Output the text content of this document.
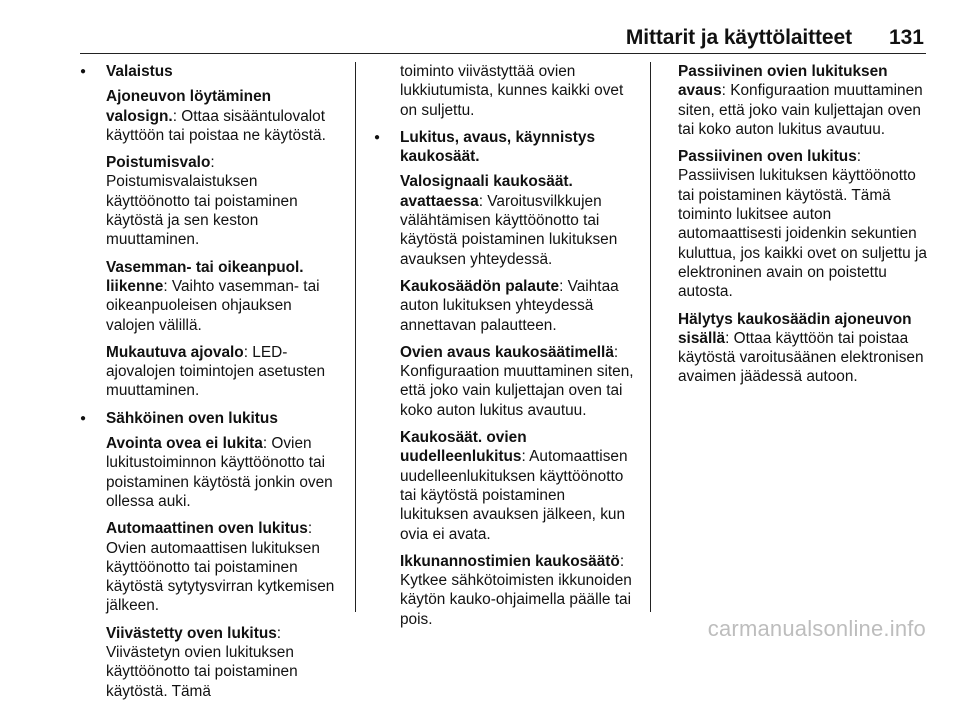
Mittarit ja käyttölaitteet 131
● Valaistus
Ajoneuvon löytäminen valosign.: Ottaa sisääntulovalot käyttöön tai poistaa ne käytöstä.
Poistumisvalo: Poistumisvalaistuksen käyttöönotto tai poistaminen käytöstä ja sen keston muuttaminen.
Vasemman- tai oikeanpuol. liikenne: Vaihto vasemman- tai oikeanpuoleisen ohjauksen valojen välillä.
Mukautuva ajovalo: LED-ajovalojen toimintojen asetusten muuttaminen.
● Sähköinen oven lukitus
Avointa ovea ei lukita: Ovien lukitustoiminnon käyttöönotto tai poistaminen käytöstä jonkin oven ollessa auki.
Automaattinen oven lukitus: Ovien automaattisen lukituksen käyttöönotto tai poistaminen käytöstä sytytysvirran kytkemisen jälkeen.
Viivästetty oven lukitus: Viivästetyn ovien lukituksen käyttöönotto tai poistaminen käytöstä. Tämä
toiminto viivästyttää ovien lukkiutumista, kunnes kaikki ovet on suljettu.
● Lukitus, avaus, käynnistys kaukosäät.
Valosignaali kaukosäät. avattaessa: Varoitusvilkkujen välähtämisen käyttöönotto tai käytöstä poistaminen lukituksen avauksen yhteydessä.
Kaukosäädön palaute: Vaihtaa auton lukituksen yhteydessä annettavan palautteen.
Ovien avaus kaukosäätimellä: Konfiguraation muuttaminen siten, että joko vain kuljettajan oven tai koko auton lukitus avautuu.
Kaukosäät. ovien uudelleenlukitus: Automaattisen uudelleenlukituksen käyttöönotto tai käytöstä poistaminen lukituksen avauksen jälkeen, kun ovia ei avata.
Ikkunannostimien kaukosäätö: Kytkee sähkötoimisten ikkunoiden käytön kauko-ohjaimella päälle tai pois.
Passiivinen ovien lukituksen avaus: Konfiguraation muuttaminen siten, että joko vain kuljettajan oven tai koko auton lukitus avautuu.
Passiivinen oven lukitus: Passiivisen lukituksen käyttöönotto tai poistaminen käytöstä. Tämä toiminto lukitsee auton automaattisesti joidenkin sekuntien kuluttua, jos kaikki ovet on suljettu ja elektroninen avain on poistettu autosta.
Hälytys kaukosäädin ajoneuvon sisällä: Ottaa käyttöön tai poistaa käytöstä varoitusäänen elektronisen avaimen jäädessä autoon.
carmanualsonline.info
